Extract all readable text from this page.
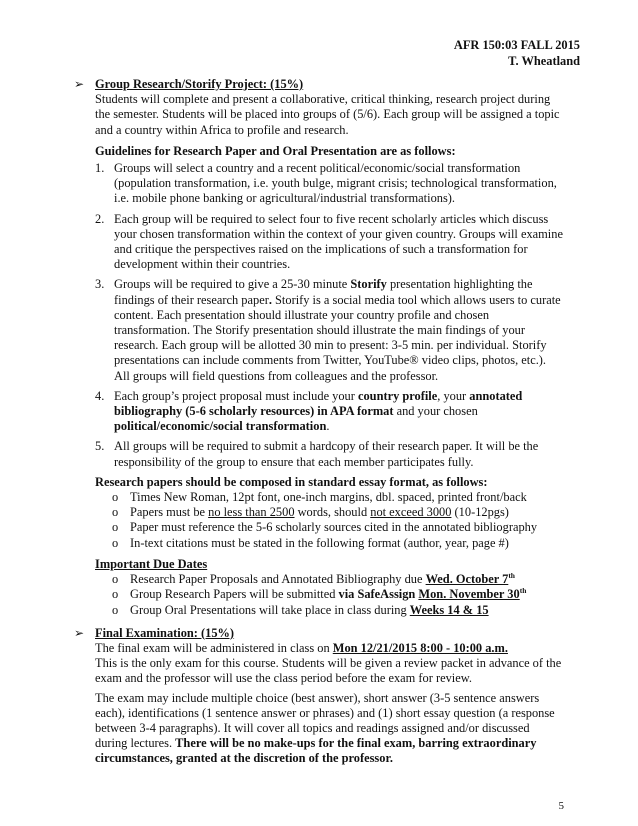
AFR 150:03 FALL 2015
T. Wheatland
➢ Group Research/Storify Project: (15%)

Students will complete and present a collaborative, critical thinking, research project during the semester. Students will be placed into groups of (5/6). Each group will be assigned a topic and a country within Africa to profile and research.

Guidelines for Research Paper and Oral Presentation are as follows:

1. Groups will select a country and a recent political/economic/social transformation (population transformation, i.e. youth bulge, migrant crisis; technological transformation, i.e. mobile phone banking or agricultural/industrial transformations).
2. Each group will be required to select four to five recent scholarly articles which discuss your chosen transformation within the context of your given country. Groups will examine and critique the perspectives raised on the implications of such a transformation for development within their countries.
3. Groups will be required to give a 25-30 minute Storify presentation highlighting the findings of their research paper. Storify is a social media tool which allows users to curate content. Each presentation should illustrate your country profile and chosen transformation. The Storify presentation should illustrate the main findings of your research. Each group will be allotted 30 min to present: 3-5 min. per individual. Storify presentations can include comments from Twitter, YouTube® video clips, photos, etc.). All groups will field questions from colleagues and the professor.
4. Each group’s project proposal must include your country profile, your annotated bibliography (5-6 scholarly resources) in APA format and your chosen political/economic/social transformation.
5. All groups will be required to submit a hardcopy of their research paper. It will be the responsibility of the group to ensure that each member participates fully.

Research papers should be composed in standard essay format, as follows:

o Times New Roman, 12pt font, one-inch margins, dbl. spaced, printed front/back
o Papers must be no less than 2500 words, should not exceed 3000 (10-12pgs)
o Paper must reference the 5-6 scholarly sources cited in the annotated bibliography
o In-text citations must be stated in the following format (author, year, page #)

Important Due Dates

o Research Paper Proposals and Annotated Bibliography due Wed. October 7th
o Group Research Papers will be submitted via SafeAssign Mon. November 30th
o Group Oral Presentations will take place in class during Weeks 14 & 15
➢ Final Examination: (15%)

The final exam will be administered in class on Mon 12/21/2015 8:00 - 10:00 a.m.

This is the only exam for this course. Students will be given a review packet in advance of the exam and the professor will use the class period before the exam for review.

The exam may include multiple choice (best answer), short answer (3-5 sentence answers each), identifications (1 sentence answer or phrases) and (1) short essay question (a response between 3-4 paragraphs). It will cover all topics and readings assigned and/or discussed during lectures. There will be no make-ups for the final exam, barring extraordinary circumstances, granted at the discretion of the professor.

5
